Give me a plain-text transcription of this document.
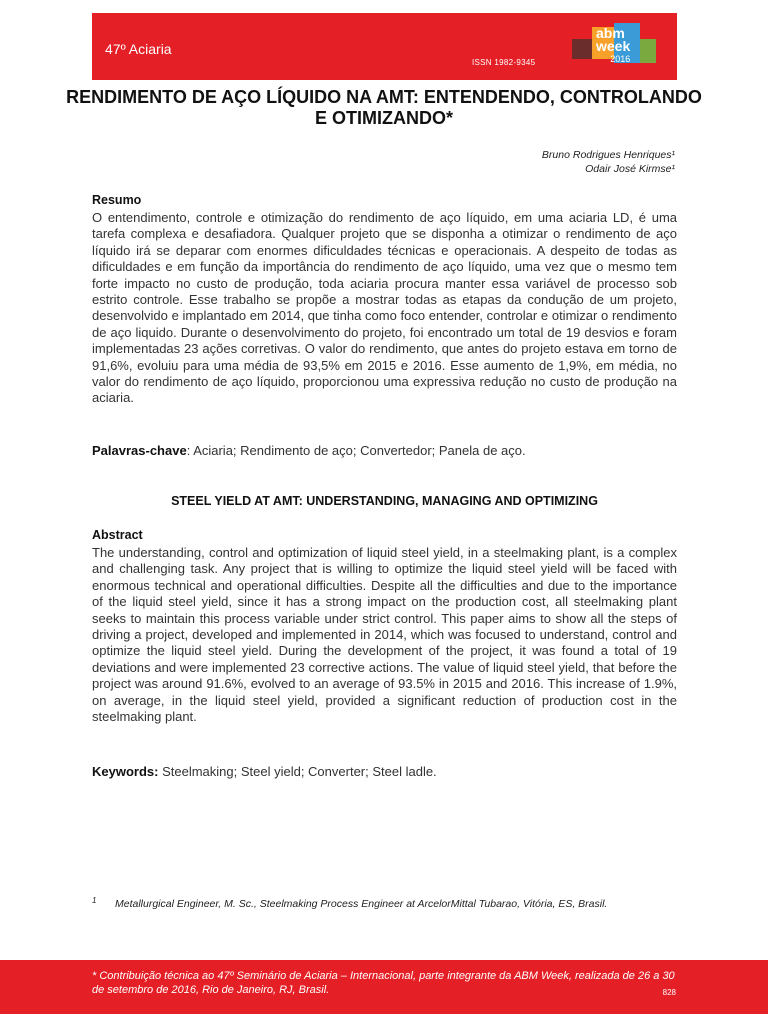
47º Aciaria
ISSN 1982-9345
abm
week
2016
RENDIMENTO DE AÇO LÍQUIDO NA AMT: ENTENDENDO, CONTROLANDO E OTIMIZANDO*
Bruno Rodrigues Henriques¹
Odair José Kirmse¹
Resumo
O entendimento, controle e otimização do rendimento de aço líquido, em uma aciaria LD, é uma tarefa complexa e desafiadora. Qualquer projeto que se disponha a otimizar o rendimento de aço líquido irá se deparar com enormes dificuldades técnicas e operacionais. A despeito de todas as dificuldades e em função da importância do rendimento de aço líquido, uma vez que o mesmo tem forte impacto no custo de produção, toda aciaria procura manter essa variável de processo sob estrito controle. Esse trabalho se propõe a mostrar todas as etapas da condução de um projeto, desenvolvido e implantado em 2014, que tinha como foco entender, controlar e otimizar o rendimento de aço liquido. Durante o desenvolvimento do projeto, foi encontrado um total de 19 desvios e foram implementadas 23 ações corretivas. O valor do rendimento, que antes do projeto estava em torno de 91,6%, evoluiu para uma média de 93,5% em 2015 e 2016. Esse aumento de 1,9%, em média, no valor do rendimento de aço líquido, proporcionou uma expressiva redução no custo de produção na aciaria.
Palavras-chave: Aciaria; Rendimento de aço; Convertedor; Panela de aço.
STEEL YIELD AT AMT: UNDERSTANDING, MANAGING AND OPTIMIZING
Abstract
The understanding, control and optimization of liquid steel yield, in a steelmaking plant, is a complex and challenging task. Any project that is willing to optimize the liquid steel yield will be faced with enormous technical and operational difficulties. Despite all the difficulties and due to the importance of the liquid steel yield, since it has a strong impact on the production cost, all steelmaking plant seeks to maintain this process variable under strict control. This paper aims to show all the steps of driving a project, developed and implemented in 2014, which was focused to understand, control and optimize the liquid steel yield. During the development of the project, it was found a total of 19 deviations and were implemented 23 corrective actions. The value of liquid steel yield, that before the project was around 91.6%, evolved to an average of 93.5% in 2015 and 2016. This increase of 1.9%, on average, in the liquid steel yield, provided a significant reduction of production cost in the steelmaking plant.
Keywords: Steelmaking; Steel yield; Converter; Steel ladle.
1 Metallurgical Engineer, M. Sc., Steelmaking Process Engineer at ArcelorMittal Tubarao, Vitória, ES, Brasil.
* Contribuição técnica ao 47º Seminário de Aciaria – Internacional, parte integrante da ABM Week, realizada de 26 a 30 de setembro de 2016, Rio de Janeiro, RJ, Brasil.	828
